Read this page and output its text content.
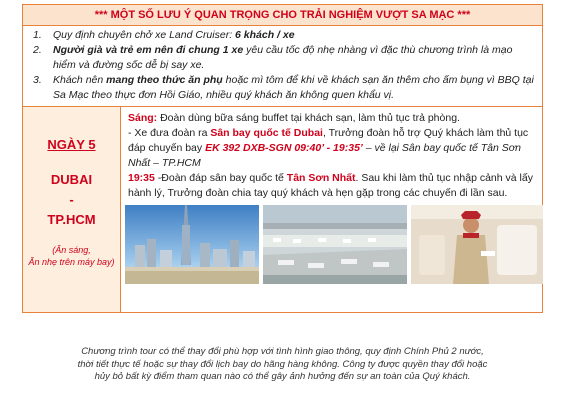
*** MỘT SỐ LƯU Ý QUAN TRỌNG CHO TRẢI NGHIỆM VƯỢT SA MẠC ***
1.	Quy định chuyên chở xe Land Cruiser: 6 khách / xe
2.	Người già và trẻ em nên đi chung 1 xe yêu cầu tốc độ nhẹ nhàng vì đặc thù chương trình là mạo hiểm và đường sốc dễ bị say xe.
3.	Khách nên mang theo thức ăn phụ hoặc mì tôm để khi về khách sạn ăn thêm cho ấm bụng vì BBQ tại Sa Mạc theo thực đơn Hồi Giáo, nhiều quý khách ăn không quen khẩu vị.
NGÀY 5
DUBAI
-
TP.HCM
(Ăn sáng,
Ăn nhẹ trên máy bay)
Sáng: Đoàn dùng bữa sáng buffet tại khách sạn, làm thủ tục trả phòng.
- Xe đưa đoàn ra Sân bay quốc tế Dubai, Trưởng đoàn hỗ trợ Quý khách làm thủ tục đáp chuyến bay EK 392 DXB-SGN 09:40’ - 19:35’ – về lại Sân bay quốc tế Tân Sơn Nhất – TP.HCM
19:35 -Đoàn đáp sân bay quốc tế Tân Sơn Nhất. Sau khi làm thủ tục nhập cảnh và lấy hành lý, Trưởng đoàn chia tay quý khách và hẹn gặp trong các chuyến đi lần sau.
Chương trình tour có thể thay đổi phù hợp với tình hình giao thông, quy định Chính Phủ 2 nước,
thời tiết thực tế hoặc sự thay đổi lịch bay do hãng hàng không. Công ty được quyền thay đổi hoặc
hủy bỏ bất kỳ điểm tham quan nào có thể gây ảnh hưởng đến sự an toàn của Quý khách.
